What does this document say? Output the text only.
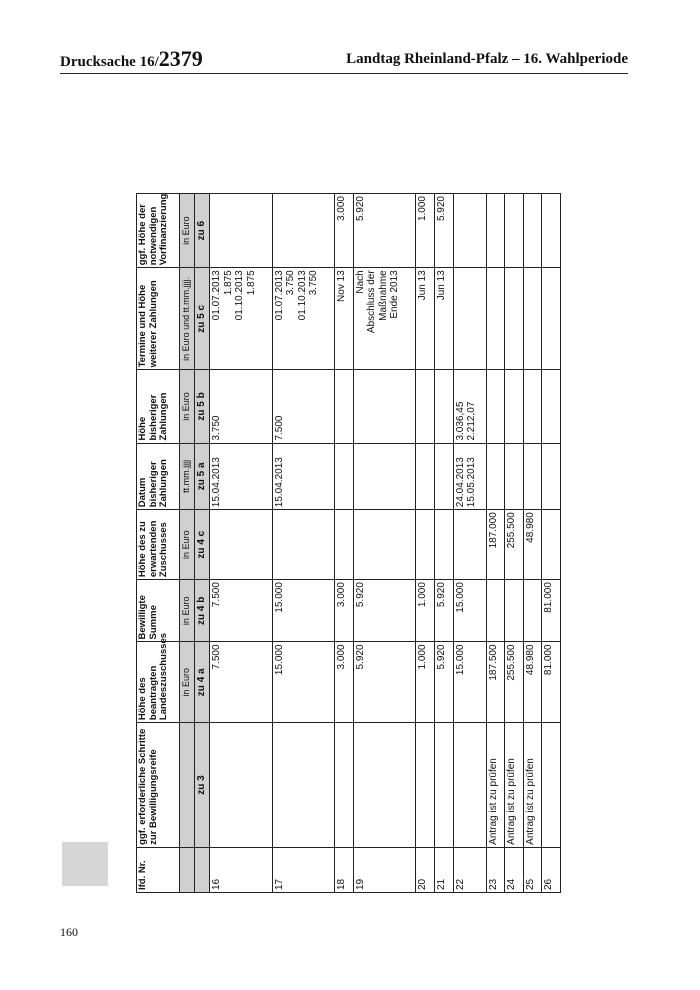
Drucksache 16/2379	Landtag Rheinland-Pfalz – 16. Wahlperiode
160
lfd. Nr.	ggf. erforderliche Schritte zur Bewilligungsreife	Höhe des beantragten Landeszuschusses	Bewilligte Summe	Höhe des zu erwartenden Zuschusses	Datum bisheriger Zahlungen	Höhe bisheriger Zahlungen	Termine und Höhe weiterer Zahlungen	ggf. Höhe der notwendigen Vorfinanzierung
		in Euro	in Euro	in Euro	tt.mm.jjjj	in Euro	in Euro und tt.mm.jjjj.	in Euro
	zu 3	zu 4 a	zu 4 b	zu 4 c	zu 5 a	zu 5 b	zu 5 c	zu 6
16		7.500	7.500		15.04.2013	3.750	01.07.2013
1.875
01.10.2013
1.875	
17		15.000	15.000		15.04.2013	7.500	01.07.2013
3.750
01.10.2013
3.750	
18		3.000	3.000				Nov 13	3.000
19		5.920	5.920				Nach
Abschluss der
Maßnahme
Ende 2013	5.920
20		1.000	1.000				Jun 13	1.000
21		5.920	5.920				Jun 13	5.920
22		15.000	15.000		24.04.2013
15.05.2013	3.036,45
2.212,07		
23	Antrag ist zu prüfen	187.500		187.000				
24	Antrag ist zu prüfen	255.500		255.500				
25	Antrag ist zu prüfen	48.980		48.980				
26		81.000	81.000					
